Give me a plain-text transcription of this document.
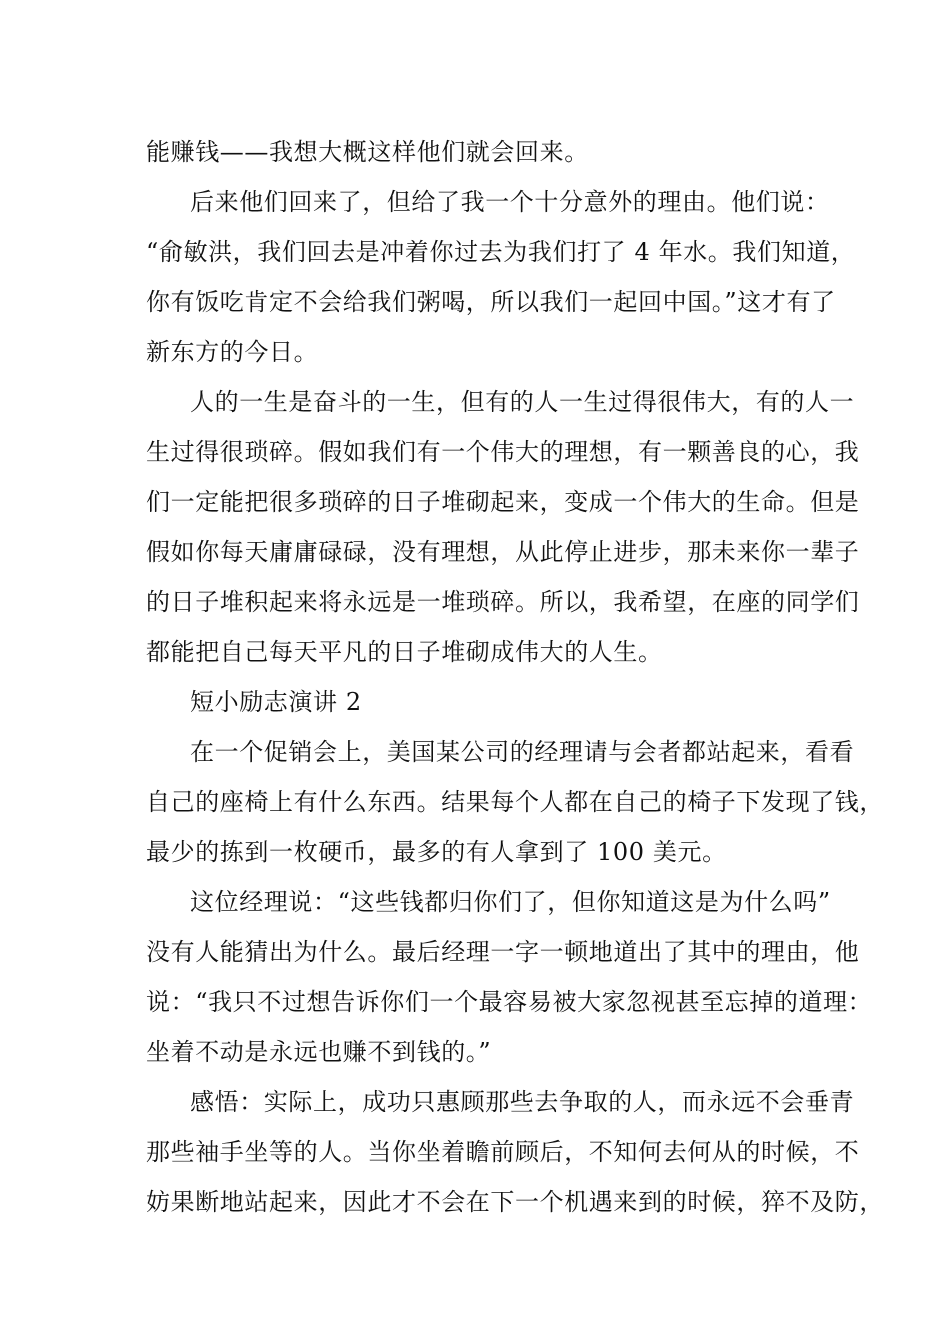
能赚钱——我想大概这样他们就会回来。
后来他们回来了，但给了我一个十分意外的理由。他们说：
“俞敏洪，我们回去是冲着你过去为我们打了 4 年水。我们知道，
你有饭吃肯定不会给我们粥喝，所以我们一起回中国。”这才有了
新东方的今日。
人的一生是奋斗的一生，但有的人一生过得很伟大，有的人一
生过得很琐碎。假如我们有一个伟大的理想，有一颗善良的心，我
们一定能把很多琐碎的日子堆砌起来，变成一个伟大的生命。但是
假如你每天庸庸碌碌，没有理想，从此停止进步，那未来你一辈子
的日子堆积起来将永远是一堆琐碎。所以，我希望，在座的同学们
都能把自己每天平凡的日子堆砌成伟大的人生。
短小励志演讲 2
在一个促销会上，美国某公司的经理请与会者都站起来，看看
自己的座椅上有什么东西。结果每个人都在自己的椅子下发现了钱，
最少的拣到一枚硬币，最多的有人拿到了 100 美元。
这位经理说：“这些钱都归你们了，但你知道这是为什么吗”
没有人能猜出为什么。最后经理一字一顿地道出了其中的理由，他
说：“我只不过想告诉你们一个最容易被大家忽视甚至忘掉的道理：
坐着不动是永远也赚不到钱的。”
感悟：实际上，成功只惠顾那些去争取的人，而永远不会垂青
那些袖手坐等的人。当你坐着瞻前顾后，不知何去何从的时候，不
妨果断地站起来，因此才不会在下一个机遇来到的时候，猝不及防，
